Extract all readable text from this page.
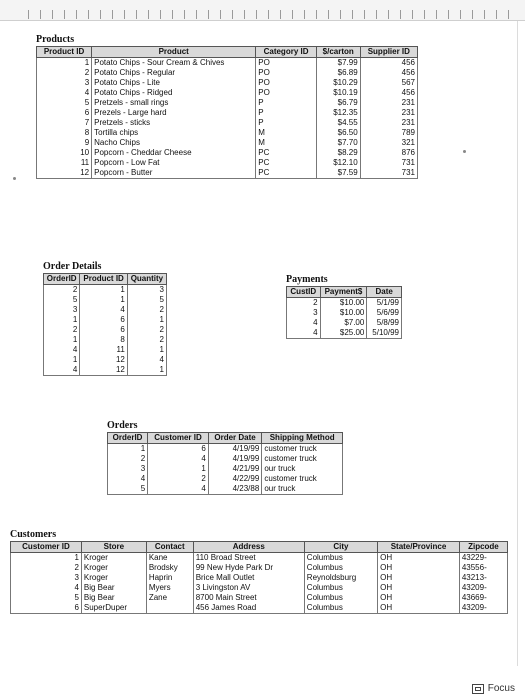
Products
Product ID	Product	Category ID	$/carton	Supplier ID
1	Potato Chips - Sour Cream & Chives	PO	$7.99	456
2	Potato Chips - Regular	PO	$6.89	456
3	Potato Chips - Lite	PO	$10.29	567
4	Potato Chips - Ridged	PO	$10.19	456
5	Pretzels - small rings	P	$6.79	231
6	Prezels - Large hard	P	$12.35	231
7	Pretzels - sticks	P	$4.55	231
8	Tortilla chips	M	$6.50	789
9	Nacho Chips	M	$7.70	321
10	Popcorn - Cheddar Cheese	PC	$8.29	876
11	Popcorn - Low Fat	PC	$12.10	731
12	Popcorn - Butter	PC	$7.59	731
Order Details
OrderID	Product ID	Quantity
2	1	3
5	1	5
3	4	2
1	6	1
2	6	2
1	8	2
4	11	1
1	12	4
4	12	1
Payments
CustID	Payment$	Date
2	$10.00	5/1/99
3	$10.00	5/6/99
4	$7.00	5/8/99
4	$25.00	5/10/99
Orders
OrderID	Customer ID	Order Date	Shipping Method
1	6	4/19/99	customer truck
2	4	4/19/99	customer truck
3	1	4/21/99	our truck
4	2	4/22/99	customer truck
5	4	4/23/88	our truck
Customers
Customer ID	Store	Contact	Address	City	State/Province	Zipcode
1	Kroger	Kane	110 Broad Street	Columbus	OH	43229-
2	Kroger	Brodsky	99 New Hyde Park Dr	Columbus	OH	43556-
3	Kroger	Haprin	Brice Mall Outlet	Reynoldsburg	OH	43213-
4	Big Bear	Myers	3 Livingston AV	Columbus	OH	43209-
5	Big Bear	Zane	8700 Main Street	Columbus	OH	43669-
6	SuperDuper		456 James Road	Columbus	OH	43209-
Focus
